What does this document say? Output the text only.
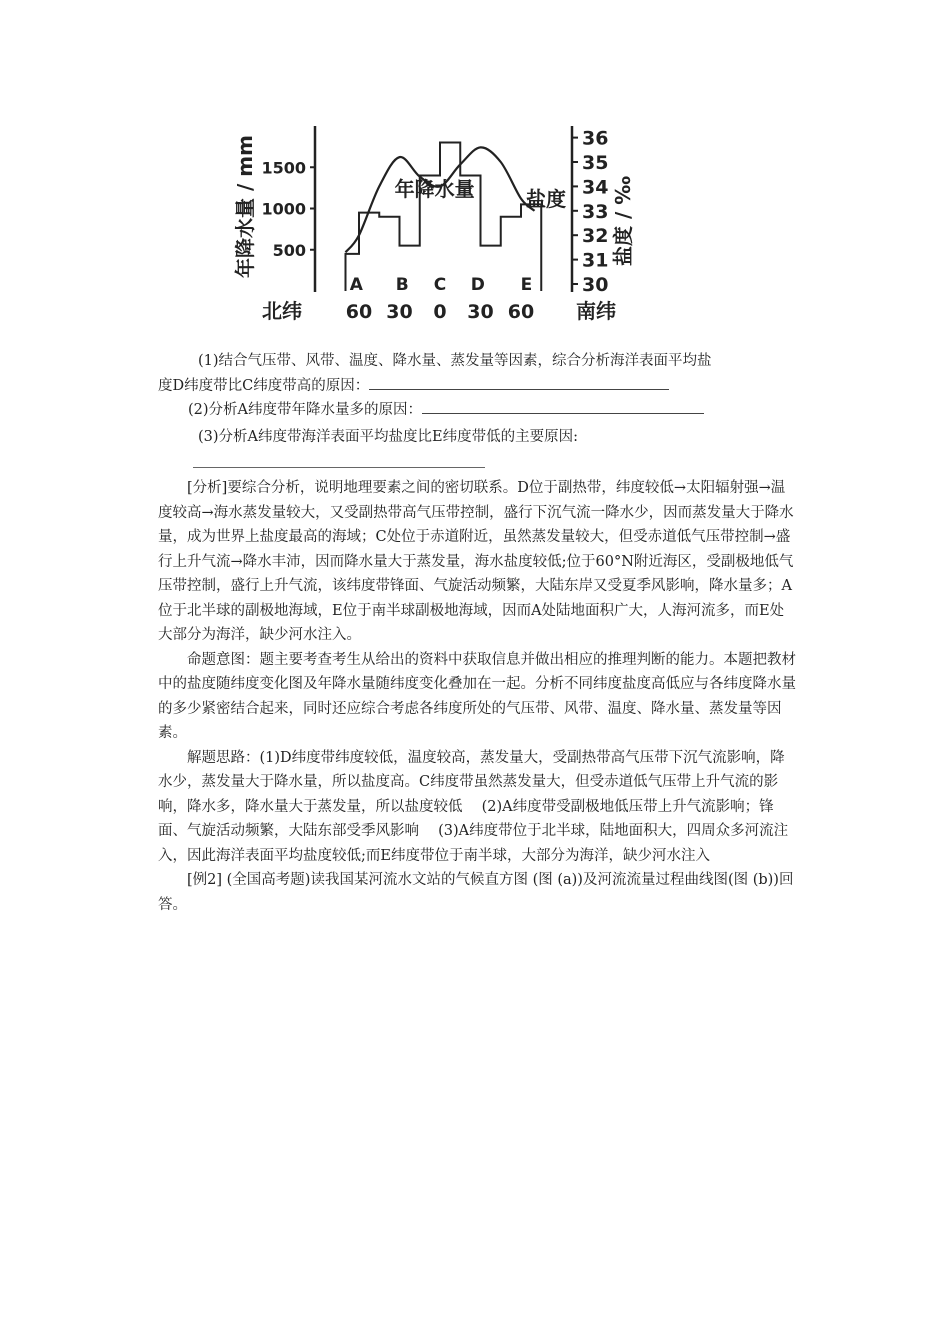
年降水量 / mm
盐度 / ‰
500
1000
1500
30
31
32
33
34
35
36
60 30 0 30 60
北纬	南纬
A B C D E
年降水量	盐度

(1)结合气压带、风带、温度、降水量、蒸发量等因素，综合分析海洋表面平均盐

度D纬度带比C纬度带高的原因：

(2)分析A纬度带年降水量多的原因：

(3)分析A纬度带海洋表面平均盐度比E纬度带低的主要原因:

[分析]要综合分析，说明地理要素之间的密切联系。D位于副热带，纬度较低→太阳辐射强→温度较高→海水蒸发量较大，又受副热带高气压带控制，盛行下沉气流一降水少，因而蒸发量大于降水量，成为世界上盐度最高的海域；C处位于赤道附近，虽然蒸发量较大，但受赤道低气压带控制→盛行上升气流→降水丰沛，因而降水量大于蒸发量，海水盐度较低;位于60°N附近海区，受副极地低气压带控制，盛行上升气流，该纬度带锋面、气旋活动频繁，大陆东岸又受夏季风影响，降水量多；A位于北半球的副极地海域，E位于南半球副极地海域，因而A处陆地面积广大，人海河流多，而E处大部分为海洋，缺少河水注入。

命题意图：题主要考查考生从给出的资料中获取信息并做出相应的推理判断的能力。本题把教材中的盐度随纬度变化图及年降水量随纬度变化叠加在一起。分析不同纬度盐度高低应与各纬度降水量的多少紧密结合起来，同时还应综合考虑各纬度所处的气压带、风带、温度、降水量、蒸发量等因素。

解题思路：(1)D纬度带纬度较低，温度较高，蒸发量大，受副热带高气压带下沉气流影响，降水少，蒸发量大于降水量，所以盐度高。C纬度带虽然蒸发量大，但受赤道低气压带上升气流的影响，降水多，降水量大于蒸发量，所以盐度较低　 (2)A纬度带受副极地低压带上升气流影响；锋面、气旋活动频繁，大陆东部受季风影响　 (3)A纬度带位于北半球，陆地面积大，四周众多河流注入，因此海洋表面平均盐度较低;而E纬度带位于南半球，大部分为海洋，缺少河水注入

[例2] (全国高考题)读我国某河流水文站的气候直方图 (图 (a))及河流流量过程曲线图(图 (b))回答。
